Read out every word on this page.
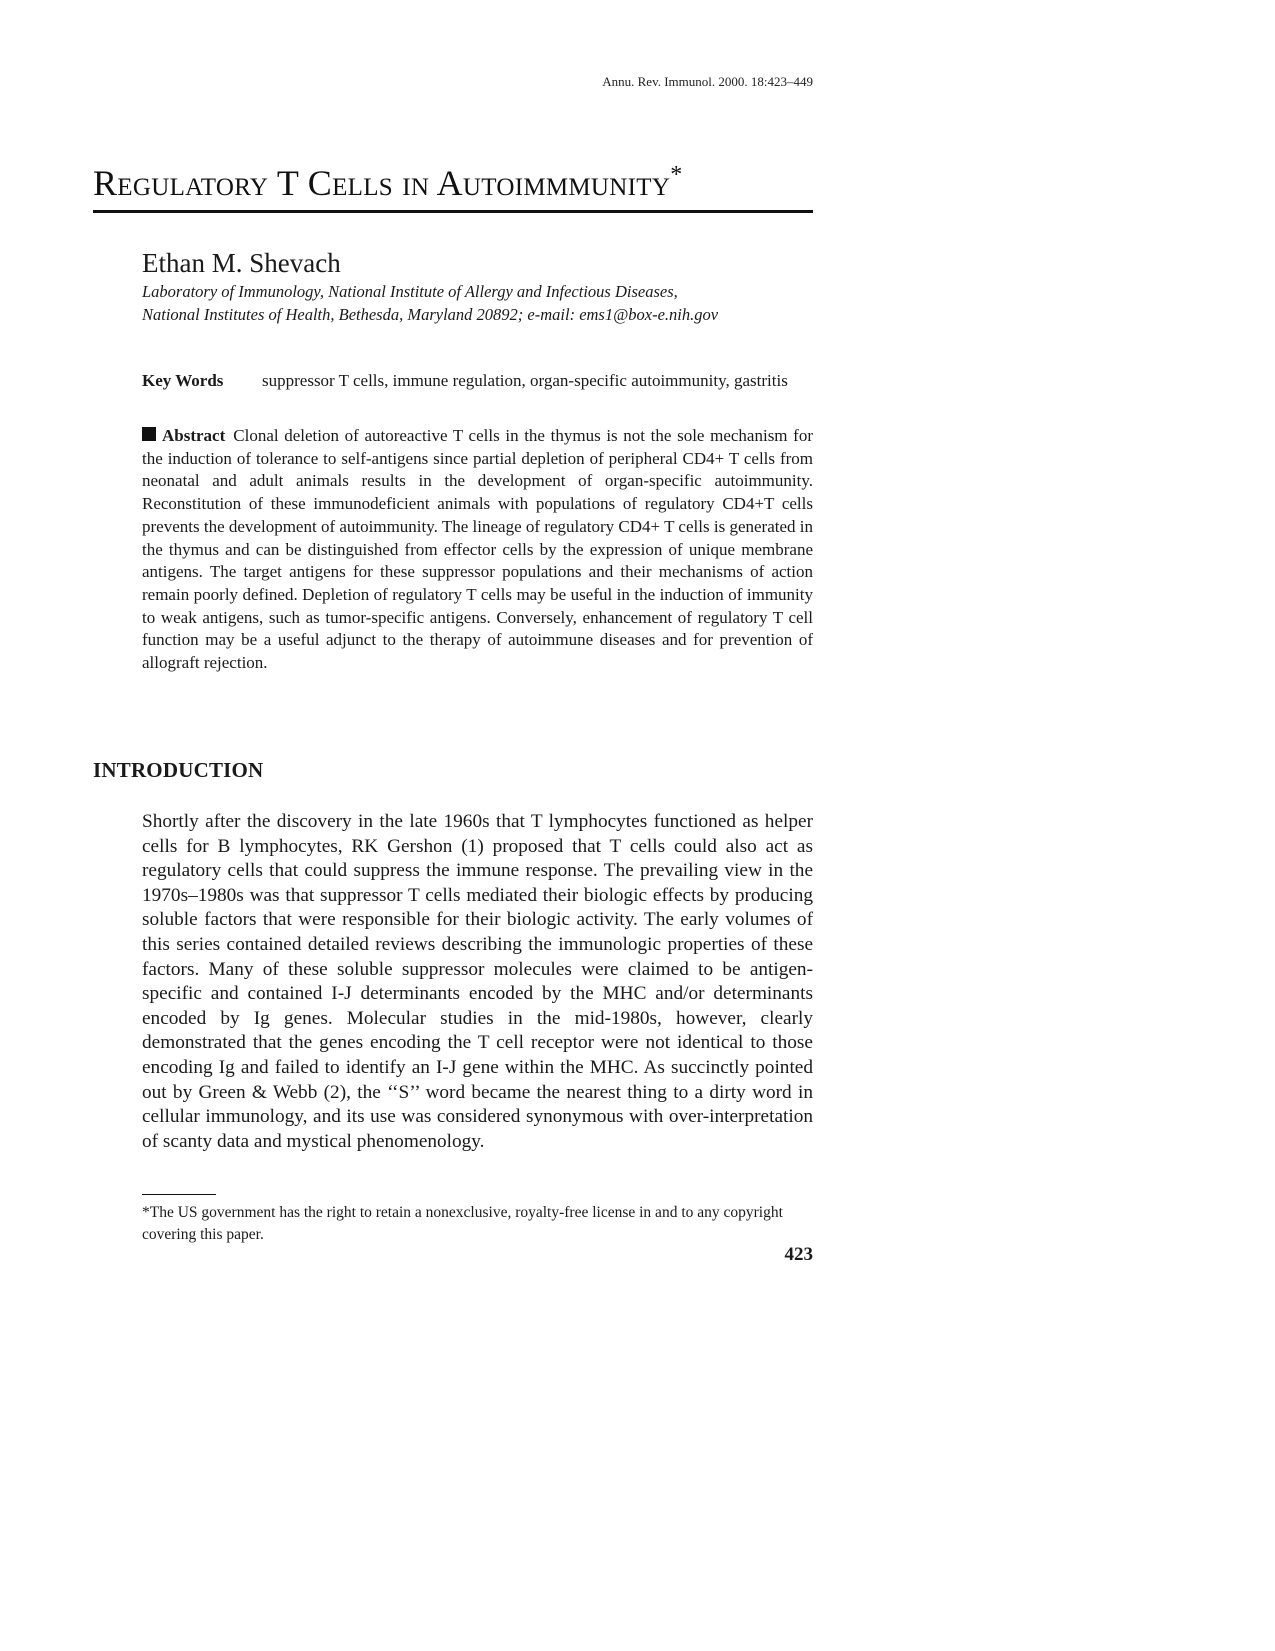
Annu. Rev. Immunol. 2000. 18:423–449
Regulatory T Cells in Autoimmmunity*
Ethan M. Shevach
Laboratory of Immunology, National Institute of Allergy and Infectious Diseases,
National Institutes of Health, Bethesda, Maryland 20892; e-mail: ems1@box-e.nih.gov
Key Words	suppressor T cells, immune regulation, organ-specific autoimmunity, gastritis

Abstract Clonal deletion of autoreactive T cells in the thymus is not the sole mechanism for the induction of tolerance to self-antigens since partial depletion of peripheral CD4+ T cells from neonatal and adult animals results in the development of organ-specific autoimmunity. Reconstitution of these immunodeficient animals with populations of regulatory CD4+T cells prevents the development of autoimmunity. The lineage of regulatory CD4+ T cells is generated in the thymus and can be distinguished from effector cells by the expression of unique membrane antigens. The target antigens for these suppressor populations and their mechanisms of action remain poorly defined. Depletion of regulatory T cells may be useful in the induction of immunity to weak antigens, such as tumor-specific antigens. Conversely, enhancement of regulatory T cell function may be a useful adjunct to the therapy of autoimmune diseases and for prevention of allograft rejection.

INTRODUCTION

Shortly after the discovery in the late 1960s that T lymphocytes functioned as helper cells for B lymphocytes, RK Gershon (1) proposed that T cells could also act as regulatory cells that could suppress the immune response. The prevailing view in the 1970s–1980s was that suppressor T cells mediated their biologic effects by producing soluble factors that were responsible for their biologic activity. The early volumes of this series contained detailed reviews describing the immunologic properties of these factors. Many of these soluble suppressor molecules were claimed to be antigen-specific and contained I-J determinants encoded by the MHC and/or determinants encoded by Ig genes. Molecular studies in the mid-1980s, however, clearly demonstrated that the genes encoding the T cell receptor were not identical to those encoding Ig and failed to identify an I-J gene within the MHC. As succinctly pointed out by Green & Webb (2), the ‘‘S’’ word became the nearest thing to a dirty word in cellular immunology, and its use was considered synonymous with over-interpretation of scanty data and mystical phenomenology.

*The US government has the right to retain a nonexclusive, royalty-free license in and to any copyright covering this paper.

423
